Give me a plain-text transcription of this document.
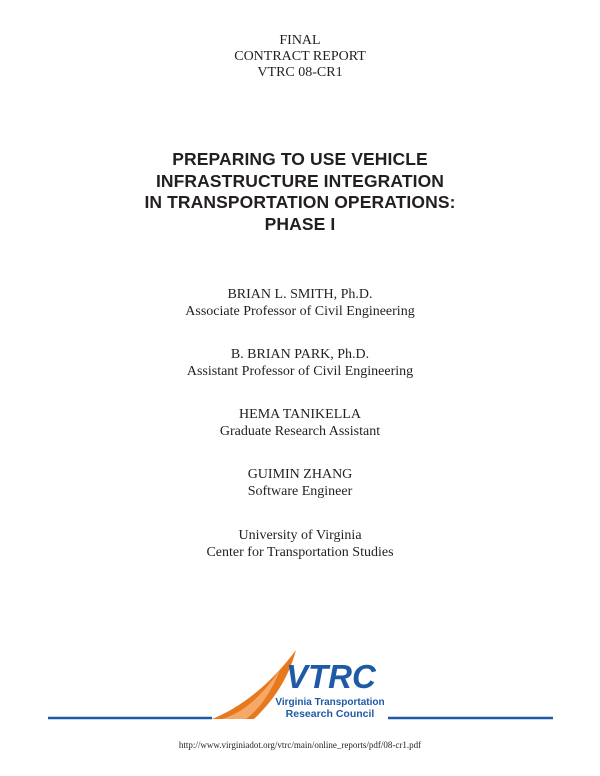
FINAL
CONTRACT REPORT
VTRC 08-CR1
PREPARING TO USE VEHICLE
INFRASTRUCTURE INTEGRATION
IN TRANSPORTATION OPERATIONS:
PHASE I
BRIAN L. SMITH, Ph.D.
Associate Professor of Civil Engineering
B. BRIAN PARK, Ph.D.
Assistant Professor of Civil Engineering
HEMA TANIKELLA
Graduate Research Assistant
GUIMIN ZHANG
Software Engineer
University of Virginia
Center for Transportation Studies
VTRC
Virginia Transportation
Research Council
http://www.virginiadot.org/vtrc/main/online_reports/pdf/08-cr1.pdf
